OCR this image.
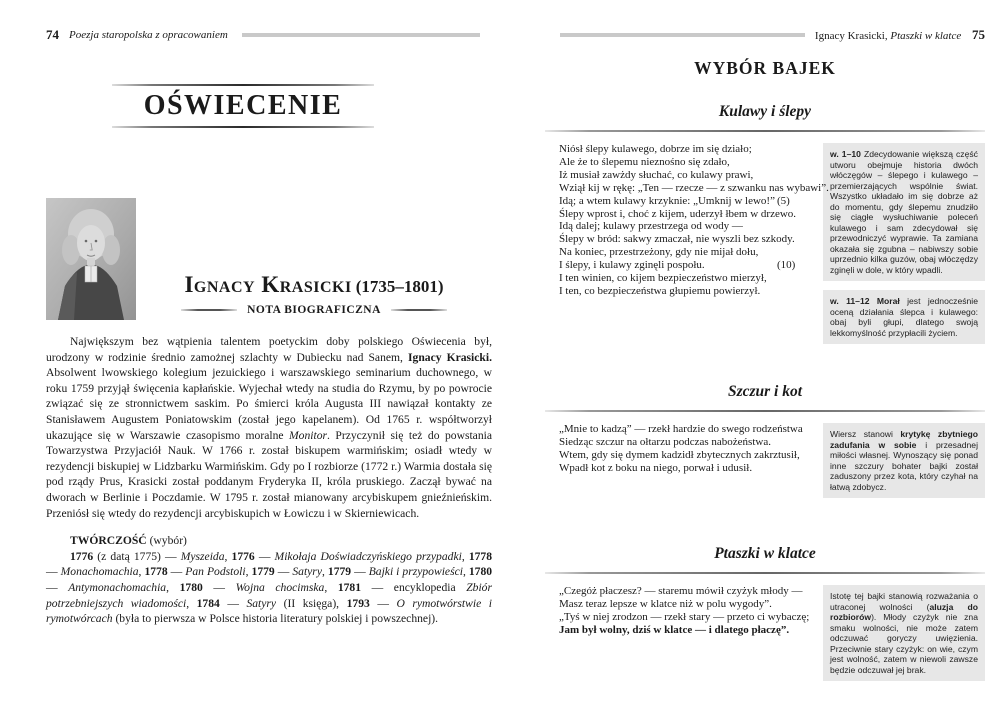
74 Poezja staropolska z opracowaniem
OŚWIECENIE
Ignacy Krasicki (1735–1801)
NOTA BIOGRAFICZNA
Największym bez wątpienia talentem poetyckim doby polskiego Oświecenia był, urodzony w rodzinie średnio zamożnej szlachty w Dubiecku nad Sanem, Ignacy Krasicki. Absolwent lwowskiego kolegium jezuickiego i warszawskiego seminarium duchownego, w roku 1759 przyjął święcenia kapłańskie. Wyjechał wtedy na studia do Rzymu, by po powrocie związać się ze stronnictwem saskim. Po śmierci króla Augusta III nawiązał kontakty ze Stanisławem Augustem Poniatowskim (został jego kapelanem). Od 1765 r. współtworzył ukazujące się w Warszawie czasopismo moralne Monitor. Przyczynił się też do powstania Towarzystwa Przyjaciół Nauk. W 1766 r. został biskupem warmińskim; osiadł wtedy w rezydencji biskupiej w Lidzbarku Warmińskim. Gdy po I rozbiorze (1772 r.) Warmia dostała się pod rządy Prus, Krasicki został poddanym Fryderyka II, króla pruskiego. Zaczął bywać na dworach w Berlinie i Poczdamie. W 1795 r. został mianowany arcybiskupem gnieźnieńskim. Przeniósł się wtedy do rezydencji arcybiskupich w Łowiczu i w Skierniewicach.
TWÓRCZOŚĆ (wybór)
1776 (z datą 1775) — Myszeida, 1776 — Mikołaja Doświadczyńskiego przypadki, 1778 — Monachomachia, 1778 — Pan Podstoli, 1779 — Satyry, 1779 — Bajki i przypowieści, 1780 — Antymonachomachia, 1780 — Wojna chocimska, 1781 — encyklopedia Zbiór potrzebniejszych wiadomości, 1784 — Satyry (II księga), 1793 — O rymotwórstwie i rymotwórcach (była to pierwsza w Polsce historia literatury polskiej i powszechnej).
Ignacy Krasicki, Ptaszki w klatce 75
WYBÓR BAJEK
Kulawy i ślepy
Niósł ślepy kulawego, dobrze im się działo;
Ale że to ślepemu nieznośno się zdało,
Iż musiał zawżdy słuchać, co kulawy prawi,
Wziął kij w rękę: „Ten — rzecze — z szwanku nas wybawi”.
Idą; a wtem kulawy krzyknie: „Umknij w lewo!” (5)
Ślepy wprost i, choć z kijem, uderzył łbem w drzewo.
Idą dalej; kulawy przestrzega od wody —
Ślepy w bród: sakwy zmaczał, nie wyszli bez szkody.
Na koniec, przestrzeżony, gdy nie mijał dołu,
I ślepy, i kulawy zginęli pospołu.	(10)
I ten winien, co kijem bezpieczeństwo mierzył,
I ten, co bezpieczeństwa głupiemu powierzył.
w. 1–10 Zdecydowanie większą część utworu obejmuje historia dwóch włóczęgów – ślepego i kulawego – przemierzających wspólnie świat. Wszystko układało im się dobrze aż do momentu, gdy ślepemu znudziło się ciągłe wysłuchiwanie poleceń kulawego i sam zdecydował się przewodniczyć wyprawie. Ta zamiana okazała się zgubna – nabiwszy sobie uprzednio kilka guzów, obaj włóczędzy zginęli w dole, w który wpadli.
w. 11–12 Morał jest jednocześnie oceną działania ślepca i kulawego: obaj byli głupi, dlatego swoją lekkomyślność przypłacili życiem.
Szczur i kot
„Mnie to kadzą” — rzekł hardzie do swego rodzeństwa
Siedząc szczur na ołtarzu podczas nabożeństwa.
Wtem, gdy się dymem kadzidł zbytecznych zakrztusił,
Wpadł kot z boku na niego, porwał i udusił.
Wiersz stanowi krytykę zbytniego zadufania w sobie i przesadnej miłości własnej. Wynoszący się ponad inne szczury bohater bajki został zaduszony przez kota, który czyhał na łatwą zdobycz.
Ptaszki w klatce
„Czegóż płaczesz? — staremu mówił czyżyk młody —
Masz teraz lepsze w klatce niż w polu wygody”.
„Tyś w niej zrodzon — rzekł stary — przeto ci wybaczę;
Jam był wolny, dziś w klatce — i dlatego płaczę”.
Istotę tej bajki stanowią rozważania o utraconej wolności (aluzja do rozbiorów). Młody czyżyk nie zna smaku wolności, nie może zatem odczuwać goryczy uwięzienia. Przeciwnie stary czyżyk: on wie, czym jest wolność, zatem w niewoli zawsze będzie odczuwał jej brak.
